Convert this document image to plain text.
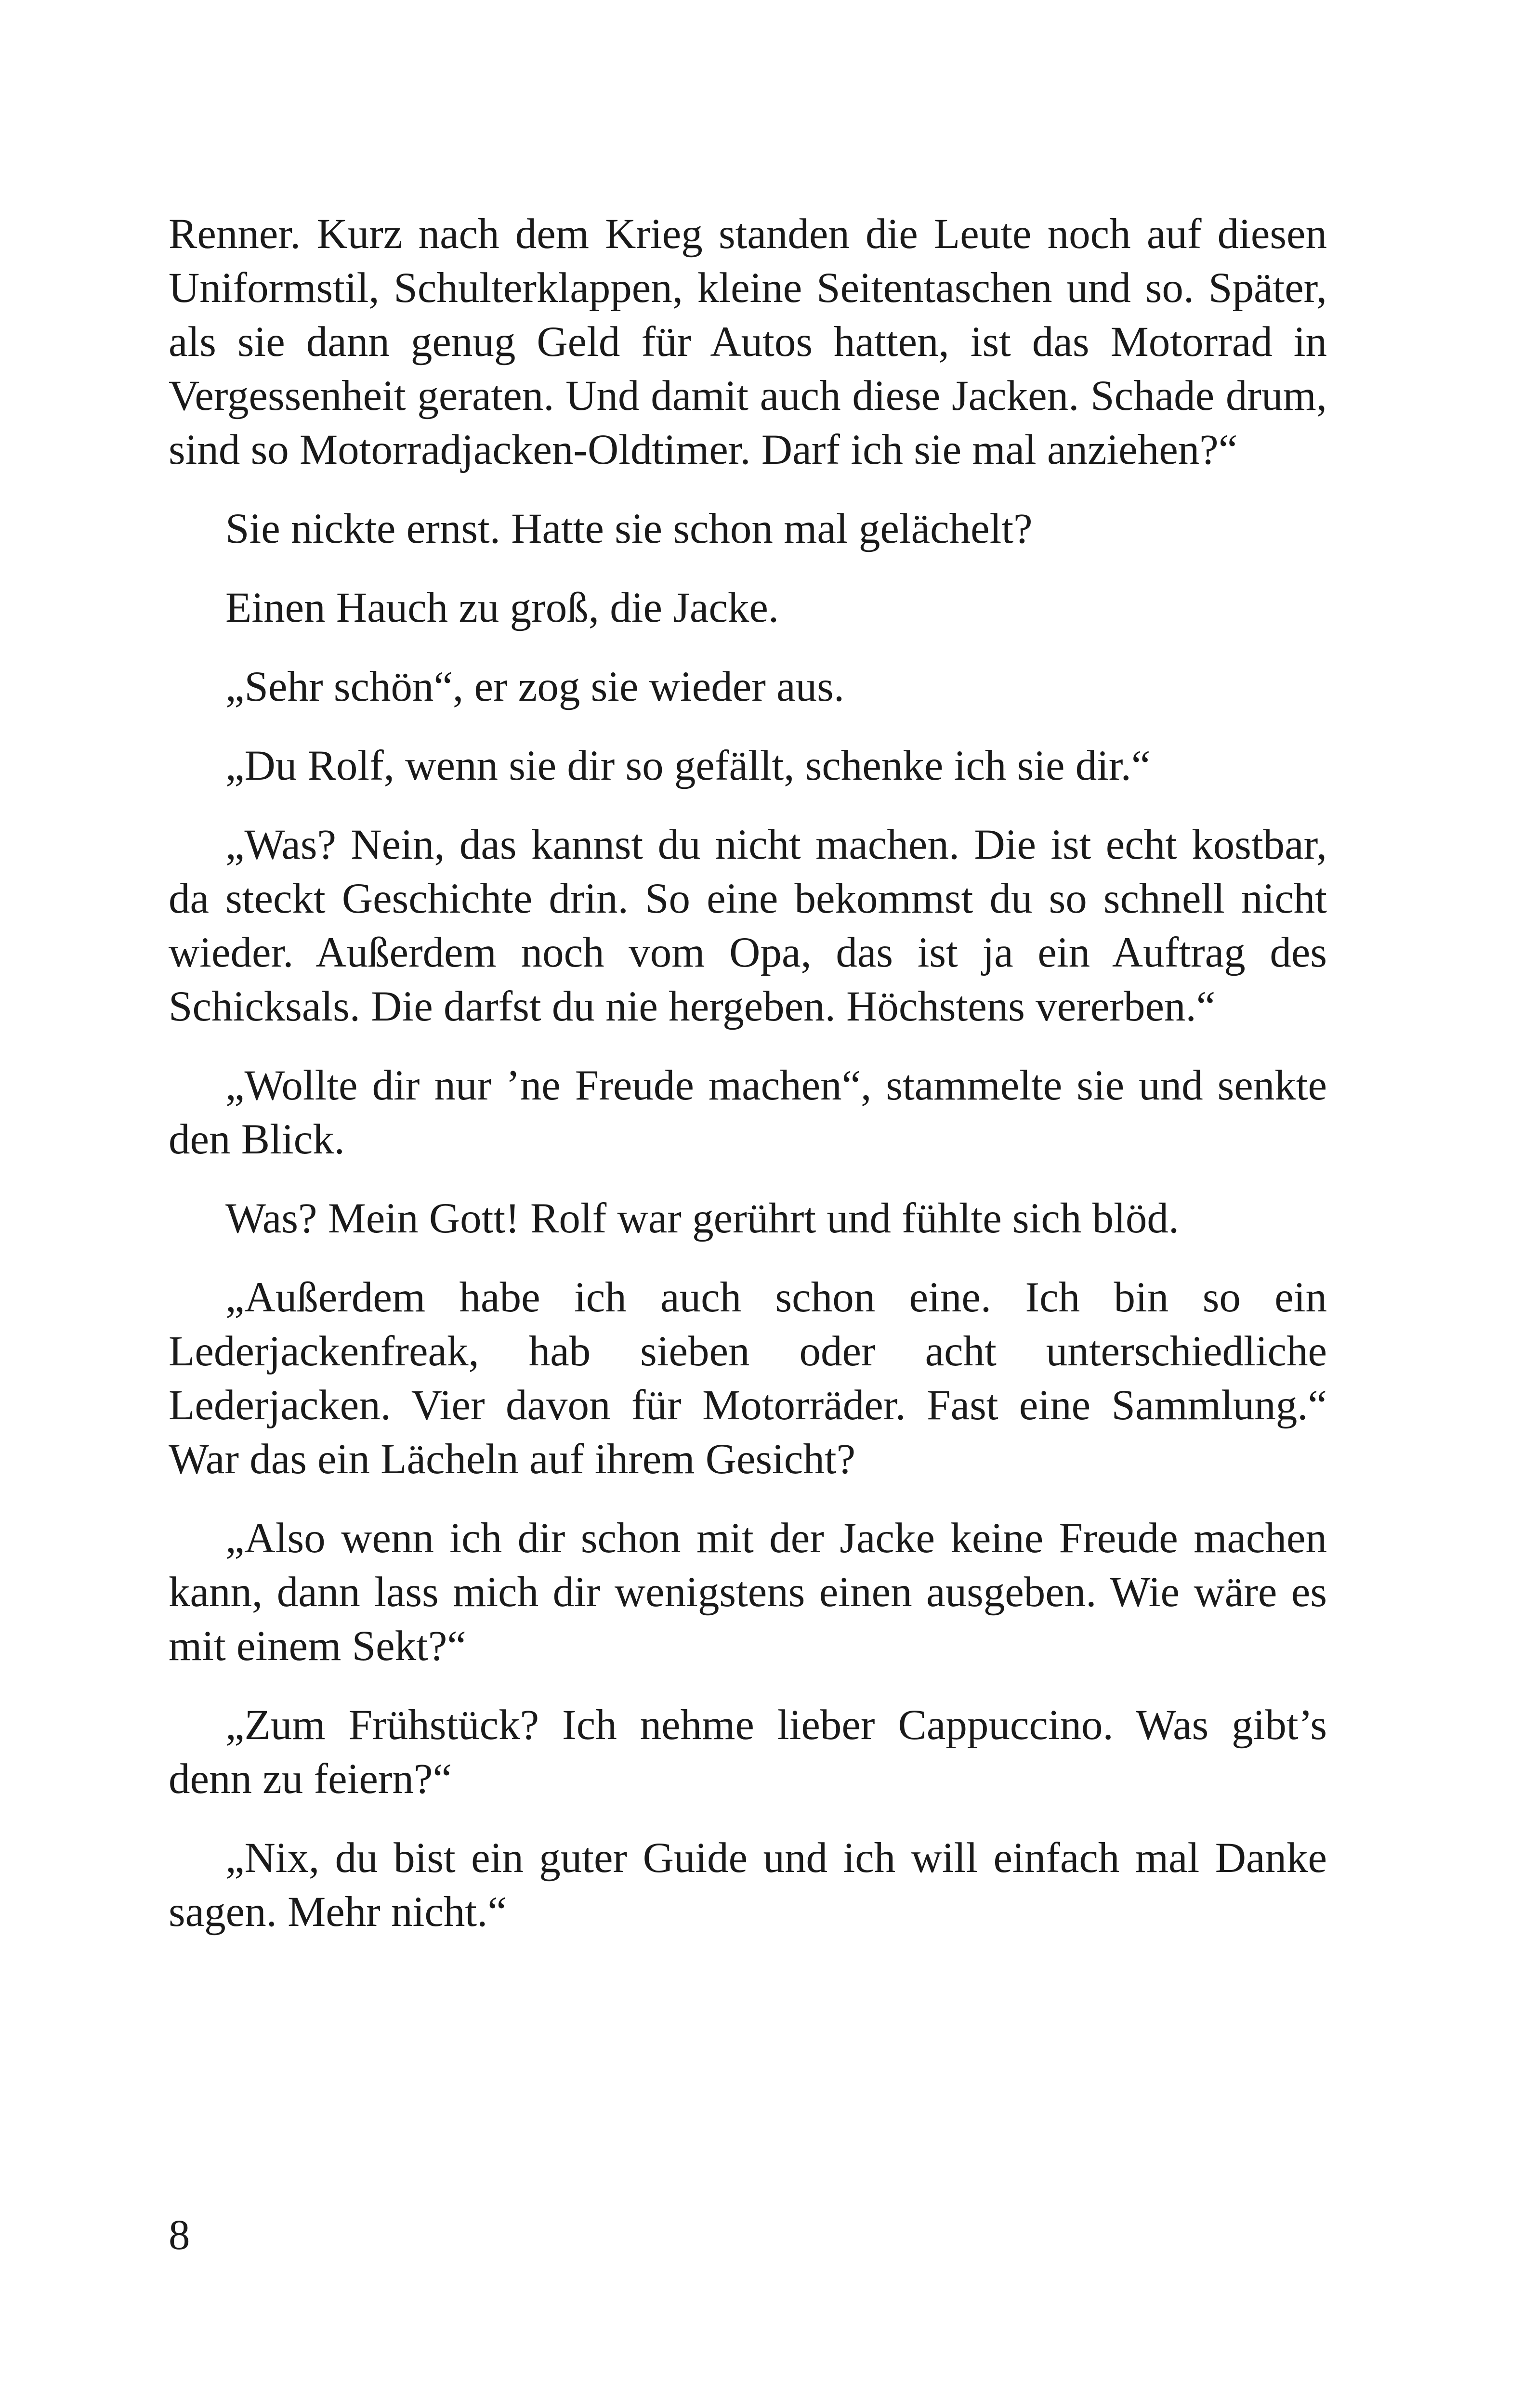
Renner. Kurz nach dem Krieg standen die Leute noch auf diesen Uniformstil, Schulterklappen, kleine Seitentaschen und so. Später, als sie dann genug Geld für Autos hatten, ist das Motorrad in Vergessenheit geraten. Und damit auch diese Jacken. Schade drum, sind so Motorradjacken-Oldtimer. Darf ich sie mal anziehen?“

Sie nickte ernst. Hatte sie schon mal gelächelt?

Einen Hauch zu groß, die Jacke.

„Sehr schön“, er zog sie wieder aus.

„Du Rolf, wenn sie dir so gefällt, schenke ich sie dir.“

„Was? Nein, das kannst du nicht machen. Die ist echt kostbar, da steckt Geschichte drin. So eine bekommst du so schnell nicht wieder. Außerdem noch vom Opa, das ist ja ein Auftrag des Schicksals. Die darfst du nie hergeben. Höchstens vererben.“

„Wollte dir nur ’ne Freude machen“, stammelte sie und senkte den Blick.

Was? Mein Gott! Rolf war gerührt und fühlte sich blöd.

„Außerdem habe ich auch schon eine. Ich bin so ein Lederjackenfreak, hab sieben oder acht unterschiedliche Lederjacken. Vier davon für Motorräder. Fast eine Sammlung.“ War das ein Lächeln auf ihrem Gesicht?

„Also wenn ich dir schon mit der Jacke keine Freude machen kann, dann lass mich dir wenigstens einen ausgeben. Wie wäre es mit einem Sekt?“

„Zum Frühstück? Ich nehme lieber Cappuccino. Was gibt’s denn zu feiern?“

„Nix, du bist ein guter Guide und ich will einfach mal Danke sagen. Mehr nicht.“

8
